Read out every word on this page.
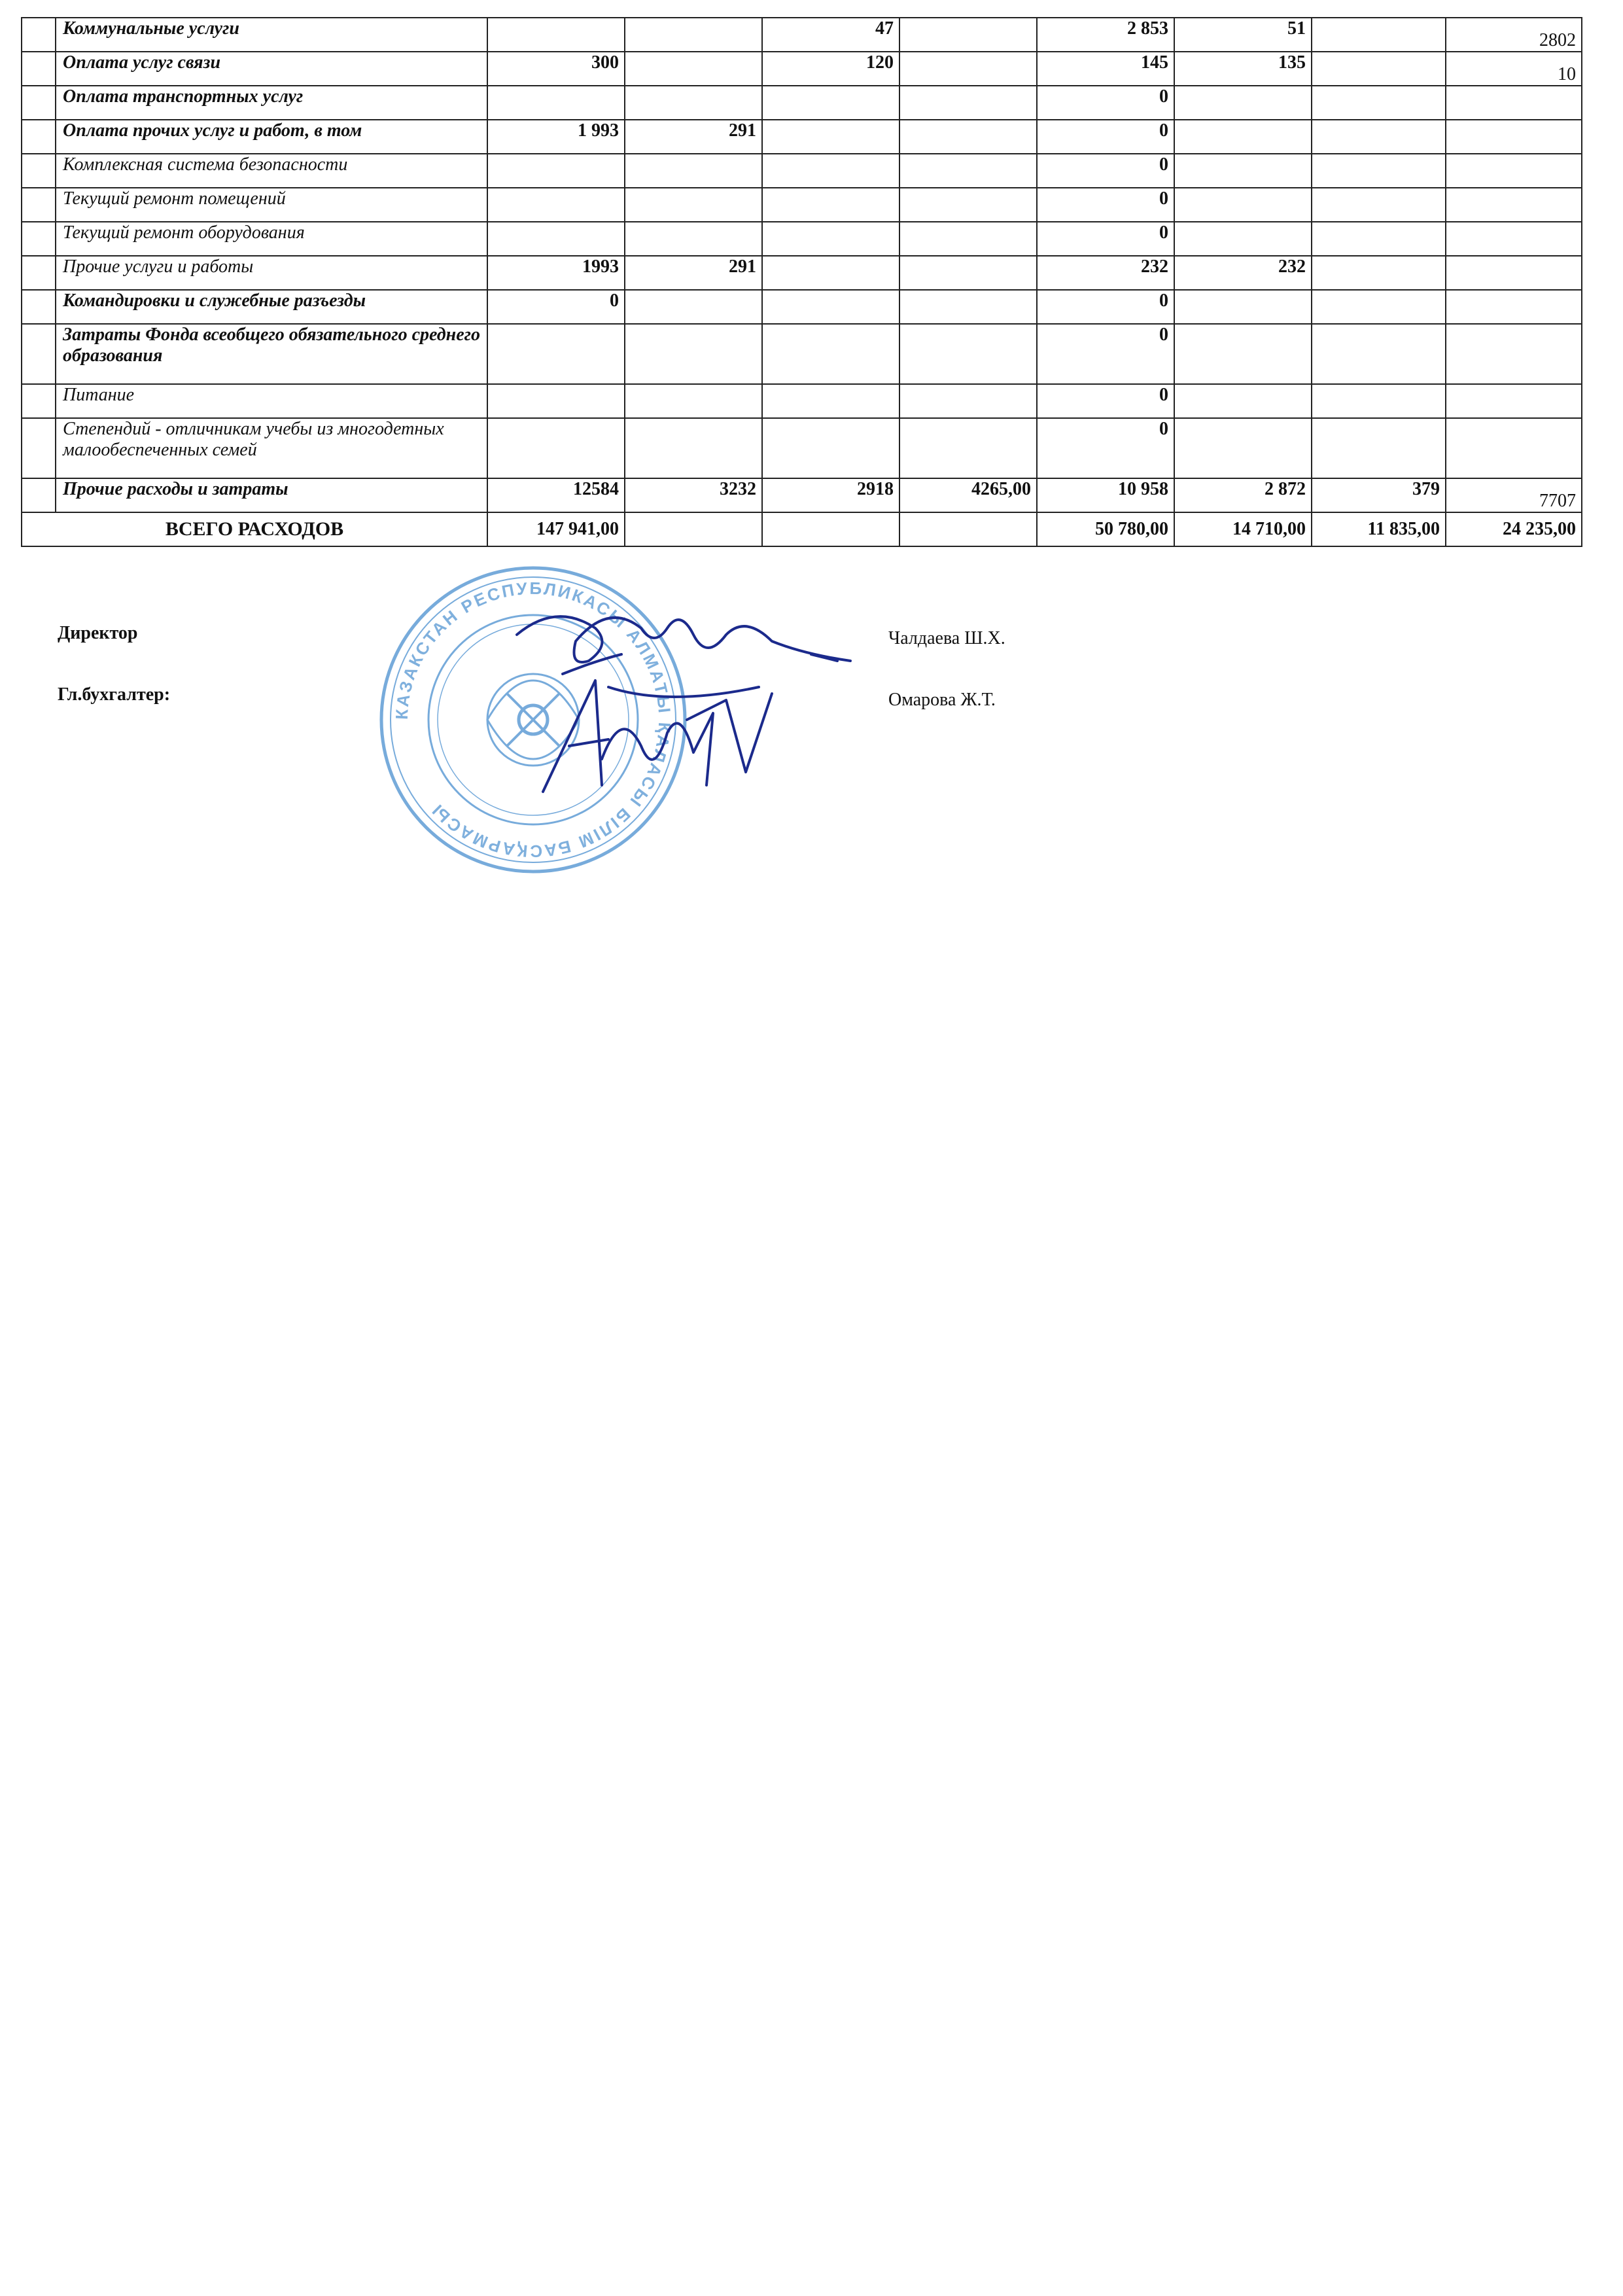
	Коммунальные услуги			47		2 853	51		2802
	Оплата услуг связи	300		120		145	135		10
	Оплата транспортных услуг					0			
	Оплата прочих услуг и работ, в том	1 993	291			0			
	Комплексная система безопасности					0			
	Текущий ремонт помещений					0			
	Текущий ремонт оборудования					0			
	Прочие услуги и работы	1993	291			232	232		
	Командировки и служебные разъезды	0				0			
	Затраты Фонда всеобщего обязательного среднего образования					0			
	Питание					0			
	Степендий - отличникам учебы из многодетных малообеспеченных семей					0			
	Прочие расходы и затраты	12584	3232	2918	4265,00	10 958	2 872	379	7707
ВСЕГО РАСХОДОВ		147 941,00				50 780,00	14 710,00	11 835,00	24 235,00
Директор	Чалдаева Ш.Х.
Гл.бухгалтер:	Омарова Ж.Т.
КАЗАКСТАН РЕСПУБЛИКАСЫ АЛМАТЫ ҚАЛАСЫ БІЛІМ БАСҚАРМАСЫ
